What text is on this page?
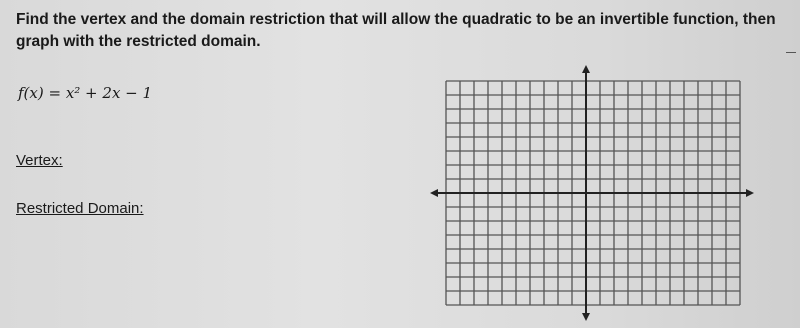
Find the vertex and the domain restriction that will allow the quadratic to be an invertible function, then graph with the restricted domain.

f(x) = x² + 2x − 1
Vertex:
Restricted Domain:
